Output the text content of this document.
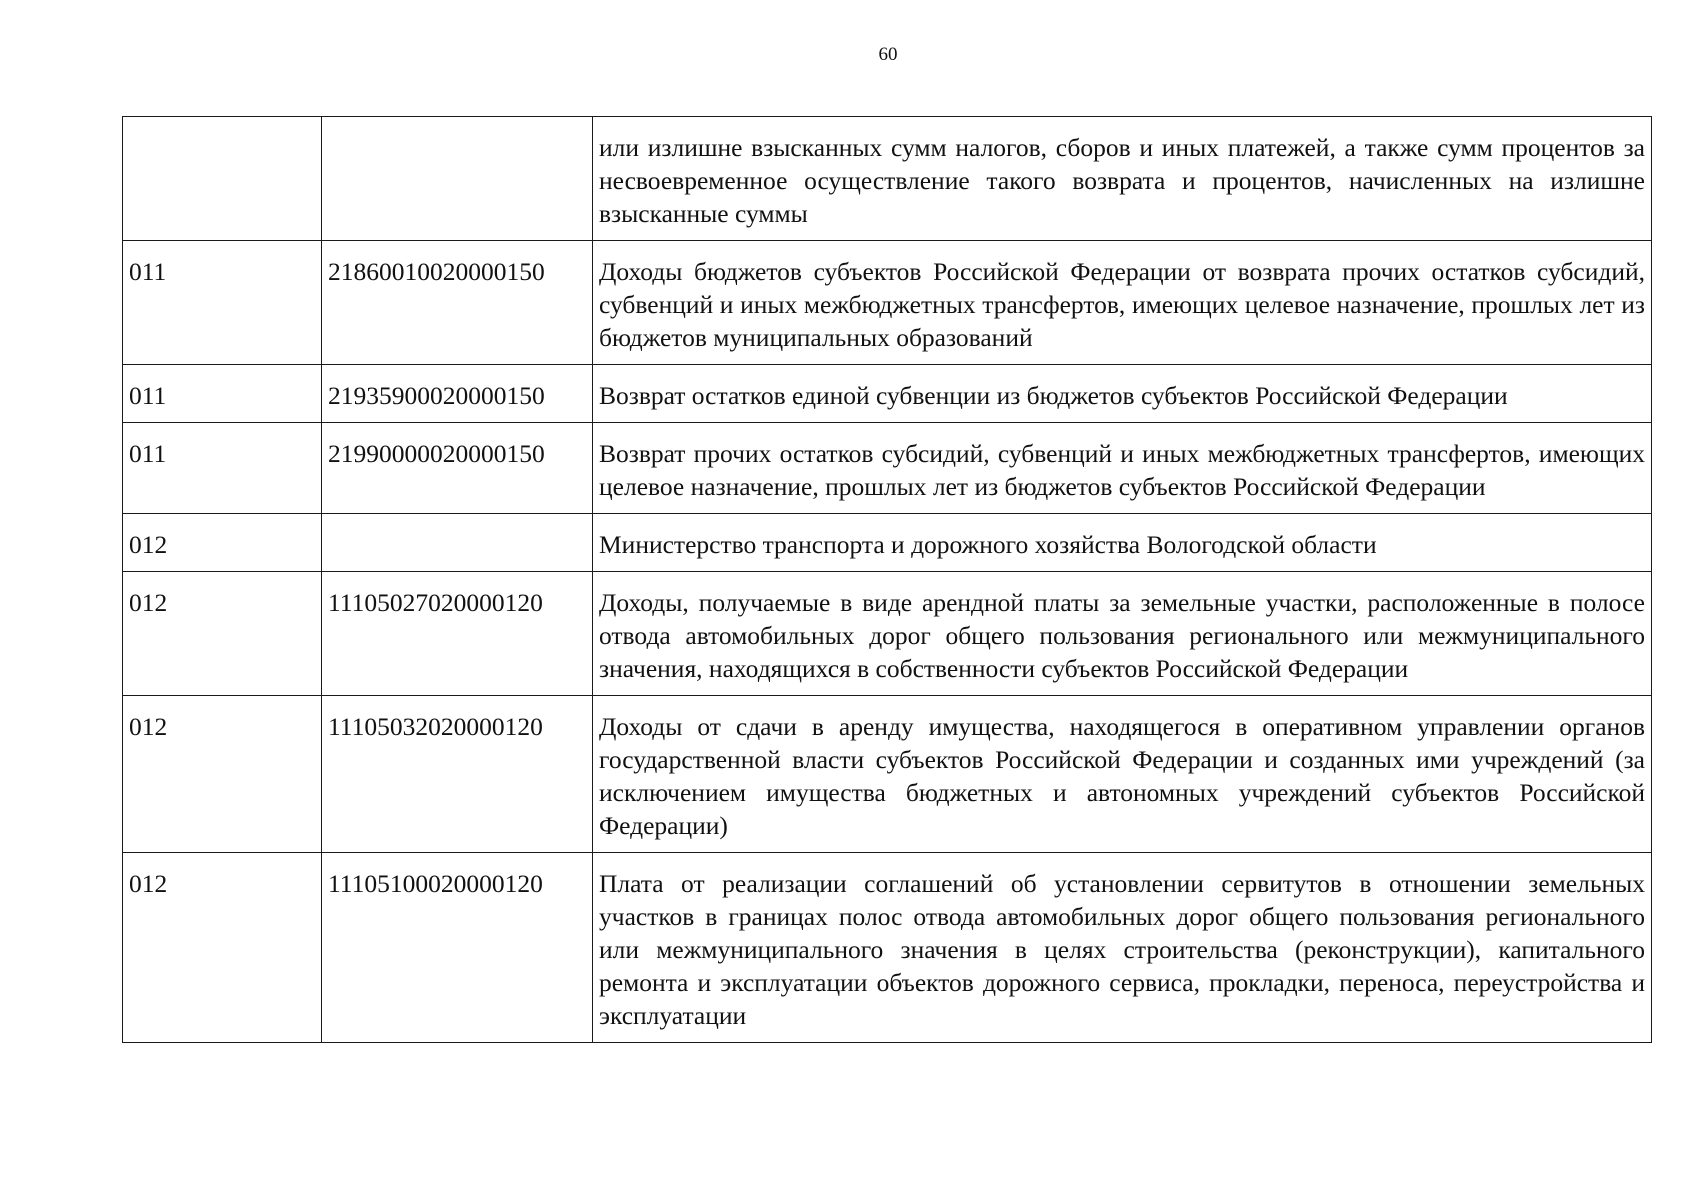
60
		или излишне взысканных сумм налогов, сборов и иных платежей, а также сумм процентов за несвоевременное осуществление такого возврата и процентов, начисленных на излишне взысканные суммы
011	21860010020000150	Доходы бюджетов субъектов Российской Федерации от возврата прочих остатков субсидий, субвенций и иных межбюджетных трансфертов, имеющих целевое назначение, прошлых лет из бюджетов муниципальных образований
011	21935900020000150	Возврат остатков единой субвенции из бюджетов субъектов Российской Федерации
011	21990000020000150	Возврат прочих остатков субсидий, субвенций и иных межбюджетных трансфертов, имеющих целевое назначение, прошлых лет из бюджетов субъектов Российской Федерации
012		Министерство транспорта и дорожного хозяйства Вологодской области
012	11105027020000120	Доходы, получаемые в виде арендной платы за земельные участки, расположенные в полосе отвода автомобильных дорог общего пользования регионального или межмуниципального значения, находящихся в собственности субъектов Российской Федерации
012	11105032020000120	Доходы от сдачи в аренду имущества, находящегося в оперативном управлении органов государственной власти субъектов Российской Федерации и созданных ими учреждений (за исключением имущества бюджетных и автономных учреждений субъектов Российской Федерации)
012	11105100020000120	Плата от реализации соглашений об установлении сервитутов в отношении земельных участков в границах полос отвода автомобильных дорог общего пользования регионального или межмуниципального значения в целях строительства (реконструкции), капитального ремонта и эксплуатации объектов дорожного сервиса, прокладки, переноса, переустройства и эксплуатации
